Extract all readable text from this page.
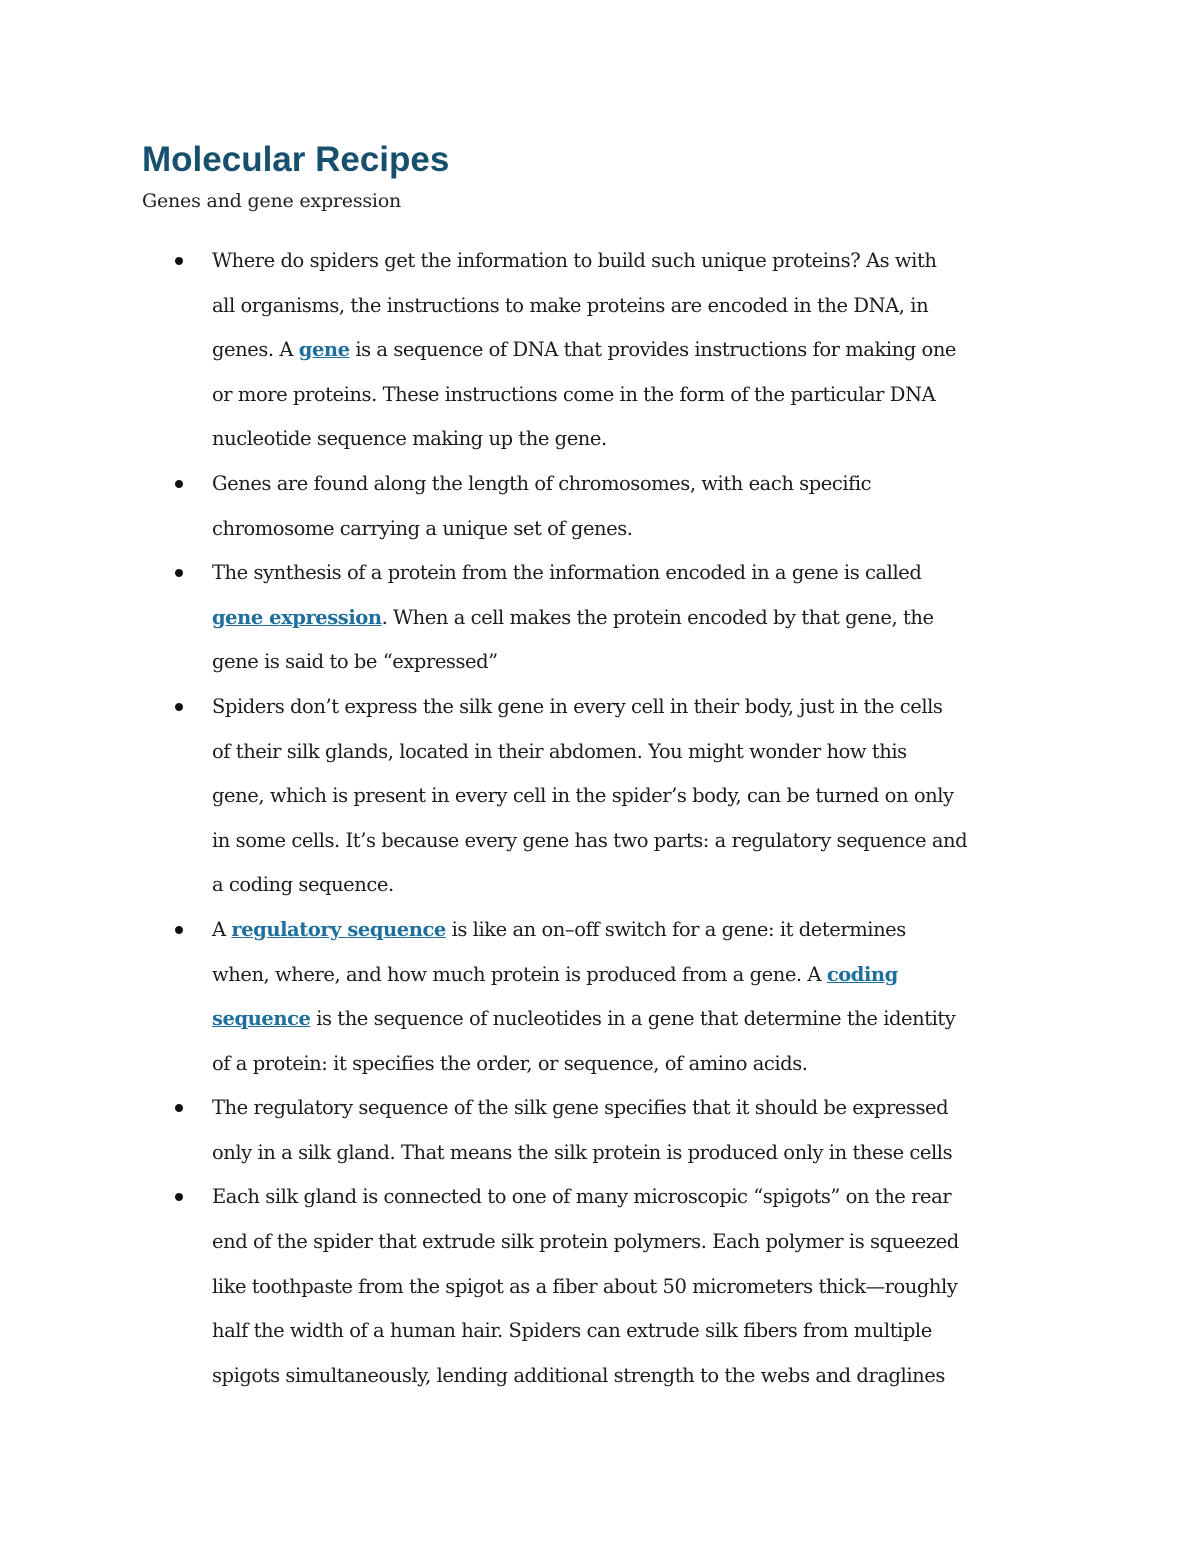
Molecular Recipes

Genes and gene expression

Where do spiders get the information to build such unique proteins? As with
all organisms, the instructions to make proteins are encoded in the DNA, in
genes. A gene is a sequence of DNA that provides instructions for making one
or more proteins. These instructions come in the form of the particular DNA
nucleotide sequence making up the gene.
Genes are found along the length of chromosomes, with each specific
chromosome carrying a unique set of genes.
The synthesis of a protein from the information encoded in a gene is called
gene expression. When a cell makes the protein encoded by that gene, the
gene is said to be “expressed”
Spiders don’t express the silk gene in every cell in their body, just in the cells
of their silk glands, located in their abdomen. You might wonder how this
gene, which is present in every cell in the spider’s body, can be turned on only
in some cells. It’s because every gene has two parts: a regulatory sequence and
a coding sequence.
A regulatory sequence is like an on–off switch for a gene: it determines
when, where, and how much protein is produced from a gene. A coding
sequence is the sequence of nucleotides in a gene that determine the identity
of a protein: it specifies the order, or sequence, of amino acids.
The regulatory sequence of the silk gene specifies that it should be expressed
only in a silk gland. That means the silk protein is produced only in these cells
Each silk gland is connected to one of many microscopic “spigots” on the rear
end of the spider that extrude silk protein polymers. Each polymer is squeezed
like toothpaste from the spigot as a fiber about 50 micrometers thick—roughly
half the width of a human hair. Spiders can extrude silk fibers from multiple
spigots simultaneously, lending additional strength to the webs and draglines
